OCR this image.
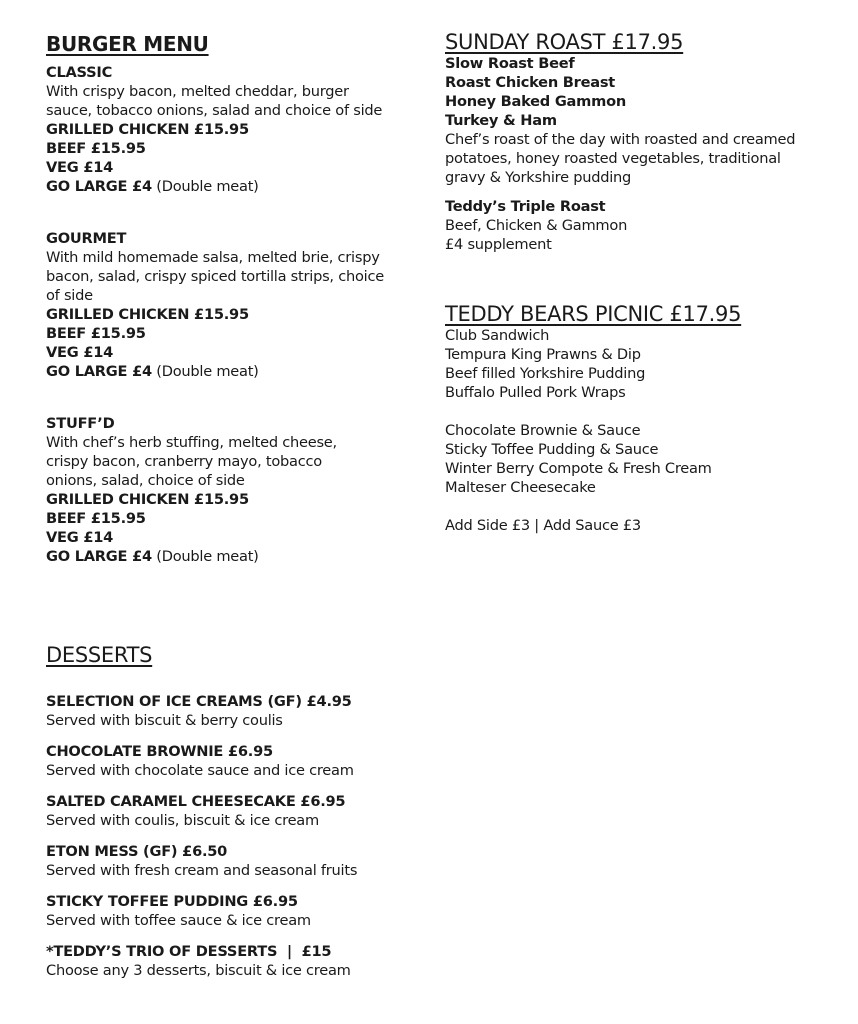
BURGER MENU
CLASSIC
With crispy bacon, melted cheddar, burger sauce, tobacco onions, salad and choice of side
GRILLED CHICKEN £15.95
BEEF £15.95
VEG £14
GO LARGE £4 (Double meat)
GOURMET
With mild homemade salsa, melted brie, crispy bacon, salad, crispy spiced tortilla strips, choice of side
GRILLED CHICKEN £15.95
BEEF £15.95
VEG £14
GO LARGE £4 (Double meat)
STUFF’D
With chef’s herb stuffing, melted cheese, crispy bacon, cranberry mayo, tobacco onions, salad, choice of side
GRILLED CHICKEN £15.95
BEEF £15.95
VEG £14
GO LARGE £4 (Double meat)
SUNDAY ROAST £17.95
Slow Roast Beef
Roast Chicken Breast
Honey Baked Gammon
Turkey & Ham
Chef’s roast of the day with roasted and creamed potatoes, honey roasted vegetables, traditional gravy & Yorkshire pudding
Teddy’s Triple Roast
Beef, Chicken & Gammon
£4 supplement
TEDDY BEARS PICNIC £17.95
Club Sandwich
Tempura King Prawns & Dip
Beef filled Yorkshire Pudding
Buffalo Pulled Pork Wraps
Chocolate Brownie & Sauce
Sticky Toffee Pudding & Sauce
Winter Berry Compote & Fresh Cream
Malteser Cheesecake
Add Side £3 | Add Sauce £3
DESSERTS
SELECTION OF ICE CREAMS (GF) £4.95
Served with biscuit & berry coulis
CHOCOLATE BROWNIE £6.95
Served with chocolate sauce and ice cream
SALTED CARAMEL CHEESECAKE £6.95
Served with coulis, biscuit & ice cream
ETON MESS (GF) £6.50
Served with fresh cream and seasonal fruits
STICKY TOFFEE PUDDING £6.95
Served with toffee sauce & ice cream
*TEDDY’S TRIO OF DESSERTS  |  £15
Choose any 3 desserts, biscuit & ice cream
